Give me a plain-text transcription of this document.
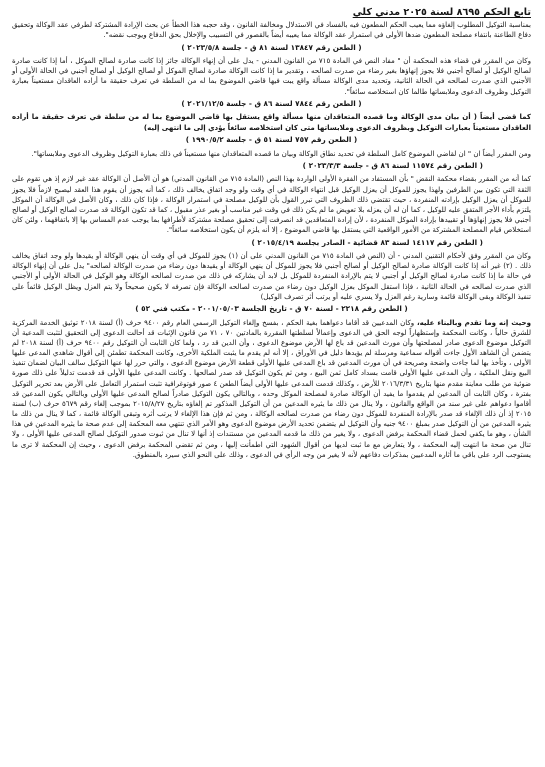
تابع الحكم ٨٦٩٥ لسنة ٢٠٢٥ مدني كلي

بمناسبة التوكيل المطلوب إلغاؤه مما يعيب الحكم المطعون فيه بالفساد في الاستدلال ومخالفة القانون ، وقد حجبه هذا الخطأ عن بحث الإرادة المشتركة لطرفي عقد الوكالة وتحقيق دفاع الطاعنة بانتفاء مصلحة المطعون ضدها الأولى في استمرار عقد الوكالة مما يعيبه أيضاً بالقصور في التسبيب والإخلال بحق الدفاع ويوجب نقضه".

( الطعن رقم ١٣٨٤٧ لسنة ٨١ ق - جلسة ٢٠٢٣/٥/٨ )

وكان من المقرر في قضاء هذه المحكمة أن " مفاد النص في المادة ٧١٥ من القانون المدني - يدل على أن إنهاء الوكالة جائز إذا كانت صادرة لصالح الموكل ، أما إذا كانت صادرة لصالح الوكيل أو لصالح أجنبي فلا يجوز إنهاؤها بغير رضاء من صدرت لصالحه ، وتقدير ما إذا كانت الوكالة صادرة لصالح الموكل أو لصالح الوكيل أو لصالح أجنبي في الحالة الأولى أو الأجنبي الذي صدرت لصالحه في الحالة الثانية، وتحديد مدى الوكالة مسألة واقع يبت فيها قاضي الموضوع بما له من السلطة في تعرف حقيقة ما أراده العاقدان مستعيناً بعبارة التوكيل وظروف الدعوى وملابساتها طالما كان استخلاصه سائغاً".

( الطعن رقم ٧٨٤٤ لسنة ٨٦ ق - جلسة ٢٠٢١/١٢/٥ )

كما قضى أيضاً ( أن بيان مدى الوكالة وما قصده المتعاقدان منها مسألة واقع يستقل بها قاضي الموضوع بما له من سلطة في تعرف حقيقة ما أراده العاقدان مستعيناً بعبارات التوكيل وبظروف الدعوى وملابساتها متى كان استخلاصه سائغاً يؤدي إلى ما انتهى إليه)

( الطعن رقم ٧٥٧ لسنة ٥١ ق - جلسة ١٩٩٠/٥/٢ )

ومن المقرر أيضاً ان " ان لقاضي الموضوع كامل السلطة في تحديد نطاق الوكالة وبيان ما قصده المتعاقدان منها مستعيناً في ذلك بعبارة التوكيل وظروف الدعوى وملابساتها".

( الطعن رقم ١١٥٧٤ لسنة ٨٦ ق - جلسة ٢٠٢٣/٣/٣ )

كما أنه من المقرر بقضاء محكمة النقض " بأن المستفاد من الفقرة الأولى الواردة بهذا النص (المادة ٧١٥ من القانون المدني) هو أن الأصل أن الوكالة عقد غير لازم إذ هي تقوم على الثقة التي تكون بين الطرفين ولهذا يجوز للموكل أن يعزل الوكيل قبل انتهاء الوكالة في أي وقت ولو وجد اتفاق يخالف ذلك ، كما أنه يجوز أن يقوم هذا العقد ليصبح لازماً فلا يجوز للموكل أن يعزل الوكيل بإرادته المنفردة ، حيث تقتضي ذلك الظروف التي تبرر القول بأن للوكيل مصلحة في استمرار الوكالة ، فإذا كان ذلك ، وكان الأصل في الوكالة أن الموكل يلتزم بأداء الأجر المتفق عليه للوكيل ، كما أن له أن يعزله بلا تعويض ما لم يكن ذلك في وقت غير مناسب أو بغير عذر مقبول ، كما قد تكون الوكالة قد صدرت لصالح الوكيل أو لصالح أجنبي فلا يجوز إنهاؤها أو تقييدها بإرادة الموكل المنفردة ، لأن إرادة المتعاقدين قد انصرفت إلى تحقيق مصلحة مشتركة لأطرافها بما يوجب عدم المساس بها إلا باتفاقهما ، ولئن كان استخلاص قيام المصلحة المشتركة من الأمور الواقعية التي يستقل بها قاضي الموضوع ، إلا أنه يلزم أن يكون استخلاصه سائغاً".

( الطعن رقم ١٤١١٧ لسنة ٨٣ قضائية - الصادر بجلسة ٢٠١٥/٤/١٩ )

وكان من المقرر وفق لأحكام التقنين المدني - أن (النص في المادة ٧١٥ من القانون المدني على أن (١) يجوز للموكل في أي وقت أن ينهي الوكالة أو يقيدها ولو وجد اتفاق يخالف ذلك . (٢) غير أنه إذا كانت الوكالة صادرة لصالح الوكيل أو لصالح أجنبي فلا يجوز للموكل أن ينهي الوكالة أو يقيدها دون رضاء من صدرت الوكالة لصالحه" يدل على أن إنهاء الوكالة في حالة ما إذا كانت صادرة لصالح الوكيل أو أجنبي لا يتم بالإرادة المنفردة للموكل بل لابد أن يشاركه في ذلك من صدرت لصالحه الوكالة وهو الوكيل في الحالة الأولى أو الأجنبي الذي صدرت لصالحه في الحالة الثانية ، فإذا استقل الموكل بعزل الوكيل دون رضاء من صدرت لصالحه الوكالة فإن تصرفه لا يكون صحيحاً ولا يتم العزل ويظل الوكيل قائماً على تنفيذ الوكالة وبقى الوكالة قائمة وسارية رغم العزل ولا يسري عليه أو يرتب أثر تصرف الوكيل)

( الطعن رقم ٢٢١٨ - لسنة ٧٠ ق - تاريخ الجلسة ٢٠٠١/٠٥/٠٣ - مكتب فني ٥٢ )

وحيث إنه وما تقدم وبالبناء عليه، وكان المدعيين قد أقاما دعواهما بغية الحكم ، بفسخ وإلغاء التوكيل الرسمي العام رقم ٩٤٠٠ حرف (أ) لسنة ٢٠١٨ توثيق الخدمة المركزية للشرق حالياً ، وكانت المحكمة وإستظهاراً لوجه الحق في الدعوى وإعمالاً لسلطتها المقررة بالمادتين ٧٠ ، ٧١ من قانون الإثبات قد أحالت الدعوى إلى التحقيق لتثبت المدعية أن التوكيل موضوع الدعوى صادر لمصلحتها وأن مورث المدعين قد باع لها الأرض موضوع الدعوى ، وأن الدين قد رد ، ولما كان الثابت أن التوكيل رقم ٩٤٠٠ حرف (أ) لسنة ٢٠١٨ لم يتضمن أن الشاهد الأول جاءت أقواله سماعية ومرسلة لم يؤيدها دليل في الأوراق ، إلا أنه لم يقدم ما يثبت الملكية الأخرى، وكانت المحكمة تطمئن إلى أقوال شاهدي المدعى عليها الأولى ، وتأخذ بها لما جاءت واضحة وصريحة في أن مورث المدعين قد باع المدعى عليها الأولى قطعة الأرض موضوع الدعوى ، والتي حرر لها عنها التوكيل سالف البيان لضمان تنفيذ البيع ونقل الملكية ، وأن المدعى عليها الأولى قامت بسداد كامل ثمن البيع ، ومن ثم يكون التوكيل قد صدر لصالحها . وكانت المدعى عليها الأولى قد قدمت تدليلاً على ذلك صورة ضوئية من طلب معاينة مقدم منها بتاريخ ٢٠١٦/٣/٣١ للأرض ، وكذلك قدمت المدعى عليها الأولى أيضاً الطعن ٤ صور فوتوغرافية تثبت استمرار التعامل على الأرض بعد تحرير التوكيل بفترة ، وكان الثابت أن المدعين لم يقدموا ما يفيد أن الوكالة صادرة لمصلحة الموكل وحده ، وبالتالي يكون التوكيل صادراً لصالح المدعى عليها الأولى وبالتالي يكون المدعين قد أقاموا دعواهم على غير سند من الواقع والقانون ، ولا ينال من ذلك ما يثيره المدعين من أن التوكيل المذكور تم إلغاؤه بتاريخ ٢٠١٥/٨/٢٧ بموجب إلغاء رقم ٥٦٧٩ حرف (ب) لسنة ٢٠١٥ إذ أن ذلك الإلغاء قد صدر بالإرادة المنفردة للموكل دون رضاء من صدرت لصالحه الوكالة ، ومن ثم فإن هذا الإلغاء لا يرتب أثره وتبقى الوكالة قائمة ، كما لا ينال من ذلك ما يثيره المدعين من أن التوكيل صدر بمبلغ ٩٤٠٠ جنيه وأن التوكيل لم يتضمن تحديد الأرض موضوع الدعوى وهو الأمر الذي تنتهي معه المحكمة إلى عدم صحة ما يثيره المدعين في هذا الشأن ، وهو ما يكفي لحمل قضاء المحكمة برفض الدعوى ، ولا يغير من ذلك ما قدمه المدعين من مستندات إذ أنها لا تنال من ثبوت صدور التوكيل لصالح المدعى عليها الأولى ، ولا تنال من صحة ما انتهت إليه المحكمة ، ولا يتعارض مع ما ثبت لديها من أقوال الشهود التي اطمأنت إليها ، ومن ثم تقضي المحكمة برفض الدعوى ، وحيث إن المحكمة لا ترى ما يستوجب الرد على باقي ما أثاره المدعيين بمذكرات دفاعهم لأنه لا يغير من وجه الرأي في الدعوى ، وذلك على النحو الذي سيرد بالمنطوق.
